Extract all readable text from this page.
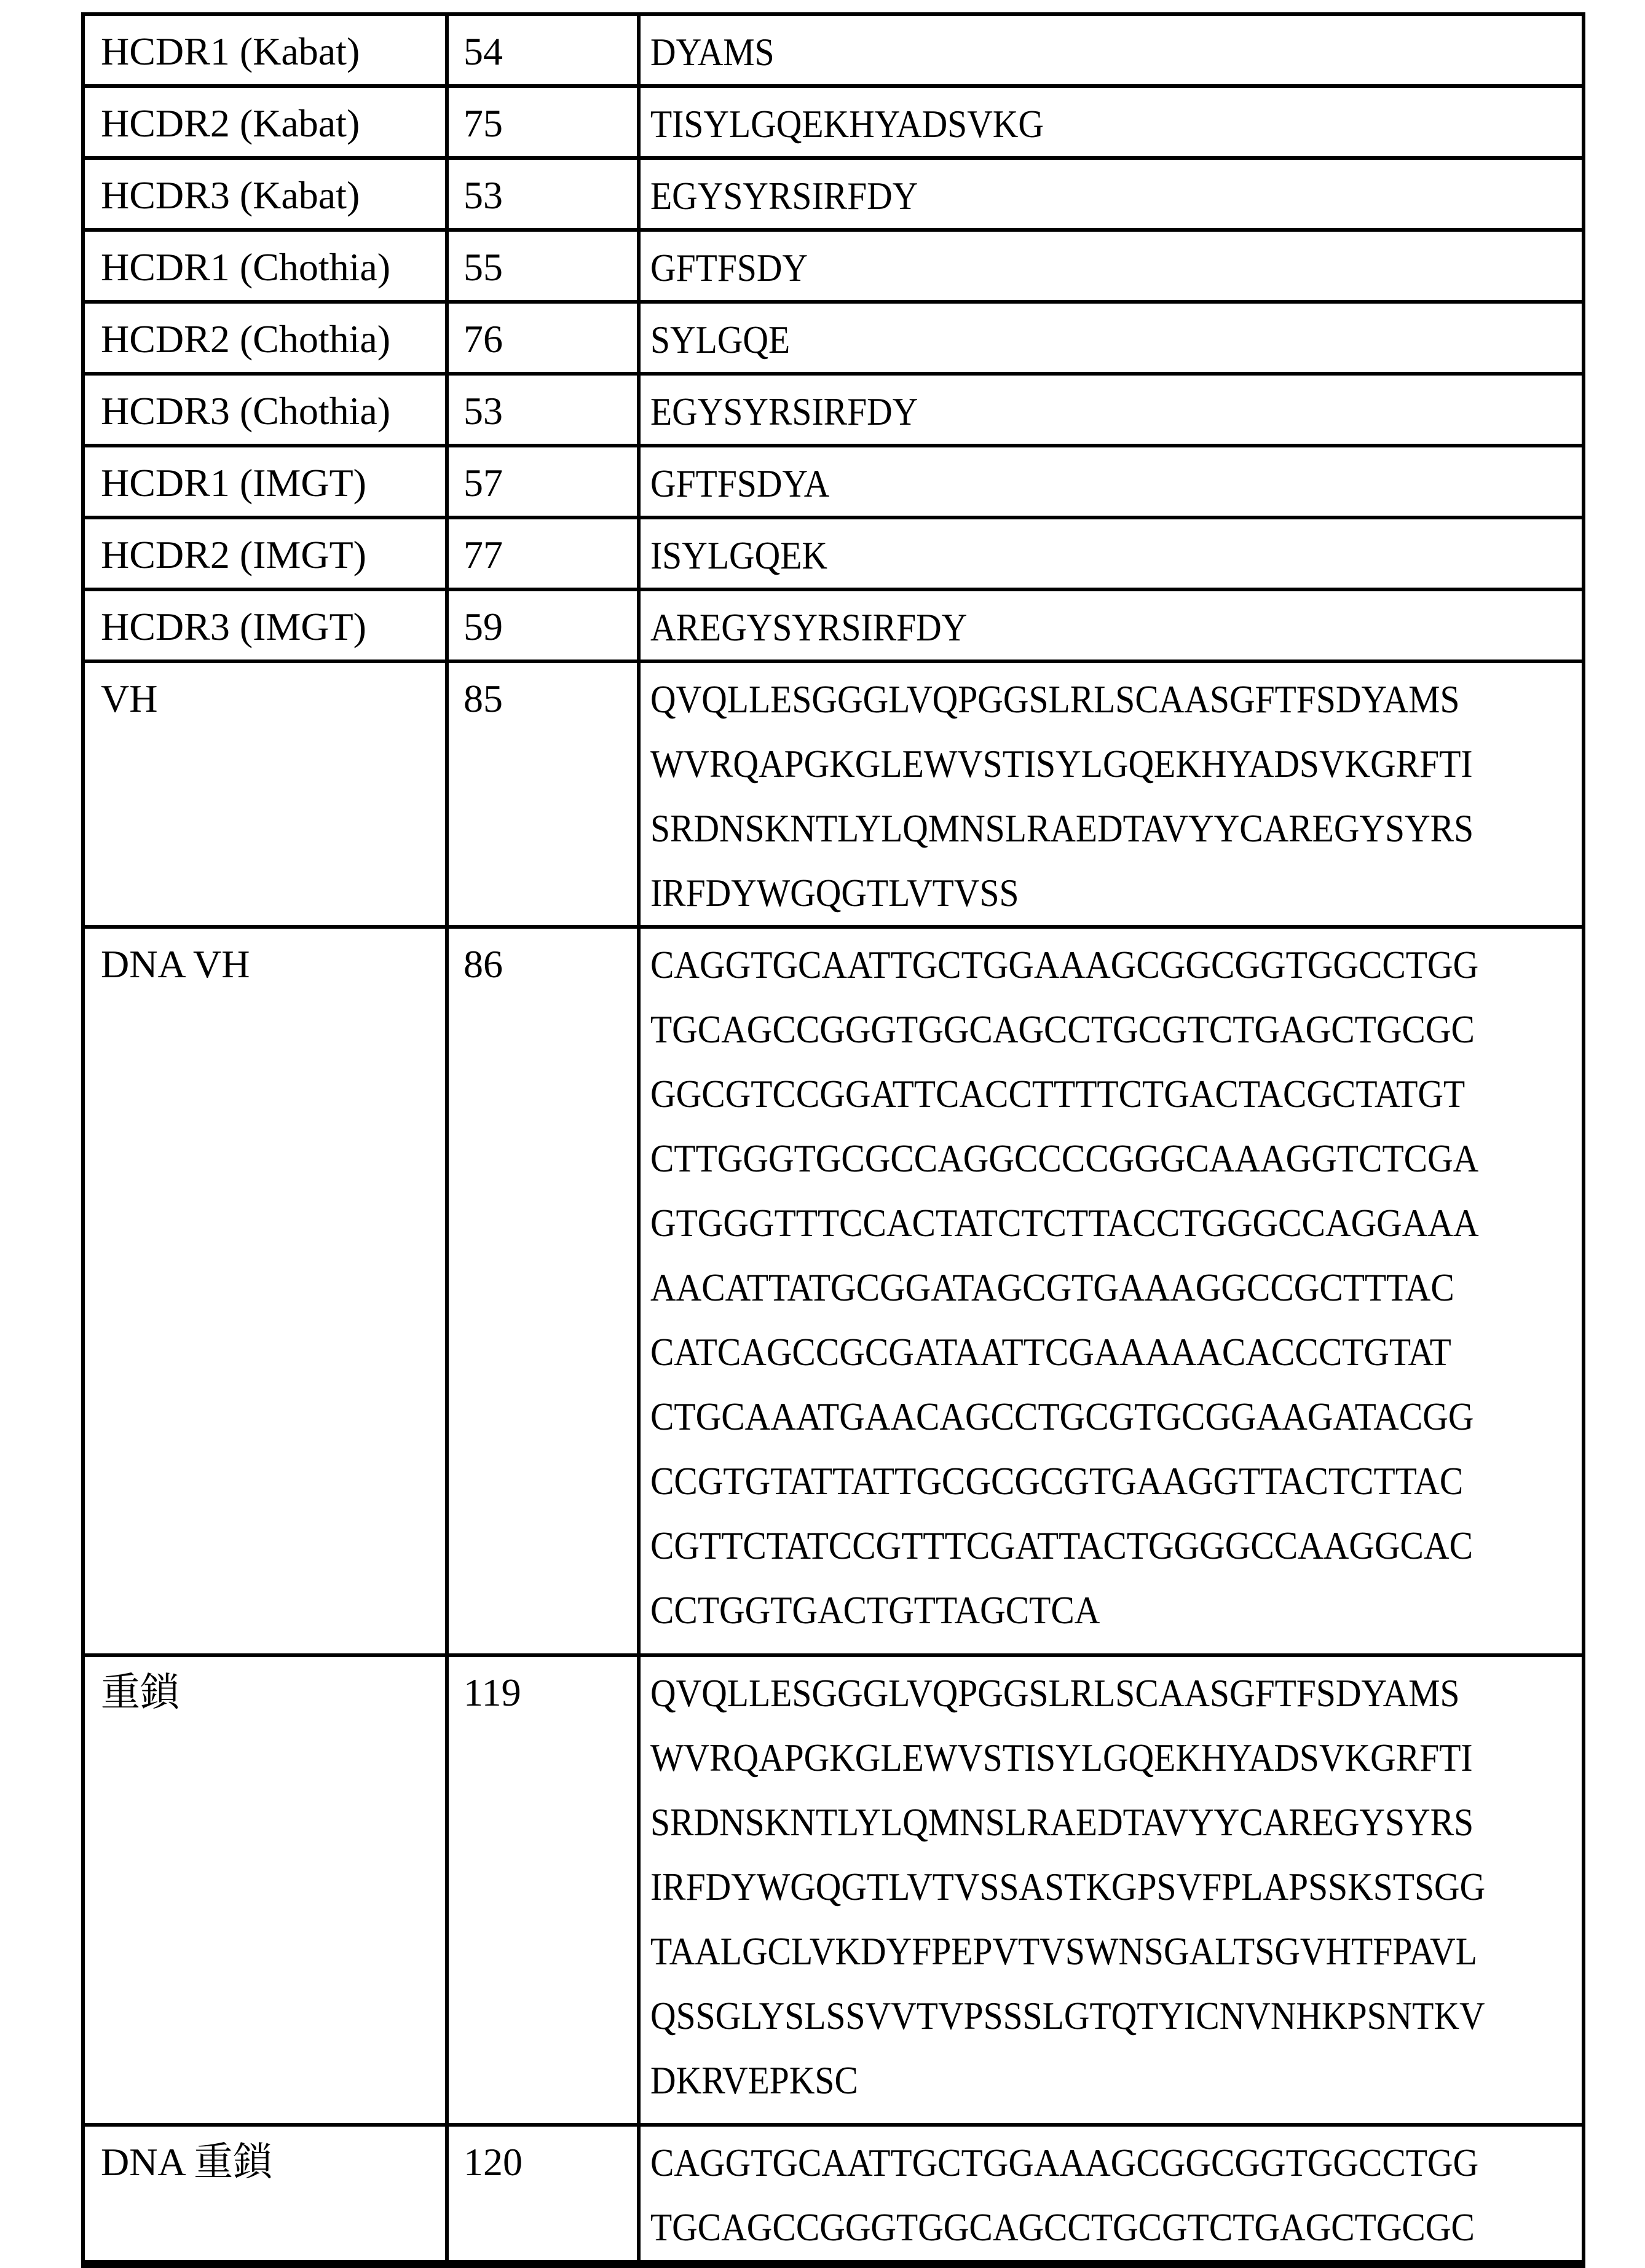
HCDR1 (Kabat)	54	DYAMS

HCDR2 (Kabat)	75	TISYLGQEKHYADSVKG

HCDR3 (Kabat)	53	EGYSYRSIRFDY

HCDR1 (Chothia)	55	GFTFSDY

HCDR2 (Chothia)	76	SYLGQE

HCDR3 (Chothia)	53	EGYSYRSIRFDY

HCDR1 (IMGT)	57	GFTFSDYA

HCDR2 (IMGT)	77	ISYLGQEK

HCDR3 (IMGT)	59	AREGYSYRSIRFDY

VH	85	QVQLLESGGGLVQPGGSLRLSCAASGFTFSDYAMS
WVRQAPGKGLEWVSTISYLGQEKHYADSVKGRFTI
SRDNSKNTLYLQMNSLRAEDTAVYYCAREGYSYRS
IRFDYWGQGTLVTVSS

DNA VH	86	CAGGTGCAATTGCTGGAAAGCGGCGGTGGCCTGG
TGCAGCCGGGTGGCAGCCTGCGTCTGAGCTGCGC
GGCGTCCGGATTCACCTTTTCTGACTACGCTATGT
CTTGGGTGCGCCAGGCCCCGGGCAAAGGTCTCGA
GTGGGTTTCCACTATCTCTTACCTGGGCCAGGAAA
AACATTATGCGGATAGCGTGAAAGGCCGCTTTAC
CATCAGCCGCGATAATTCGAAAAACACCCTGTAT
CTGCAAATGAACAGCCTGCGTGCGGAAGATACGG
CCGTGTATTATTGCGCGCGTGAAGGTTACTCTTAC
CGTTCTATCCGTTTCGATTACTGGGGCCAAGGCAC
CCTGGTGACTGTTAGCTCA

重鎖	119	QVQLLESGGGLVQPGGSLRLSCAASGFTFSDYAMS
WVRQAPGKGLEWVSTISYLGQEKHYADSVKGRFTI
SRDNSKNTLYLQMNSLRAEDTAVYYCAREGYSYRS
IRFDYWGQGTLVTVSSASTKGPSVFPLAPSSKSTSGG
TAALGCLVKDYFPEPVTVSWNSGALTSGVHTFPAVL
QSSGLYSLSSVVTVPSSSLGTQTYICNVNHKPSNTKV
DKRVEPKSC

DNA 重鎖	120	CAGGTGCAATTGCTGGAAAGCGGCGGTGGCCTGG
TGCAGCCGGGTGGCAGCCTGCGTCTGAGCTGCGC
